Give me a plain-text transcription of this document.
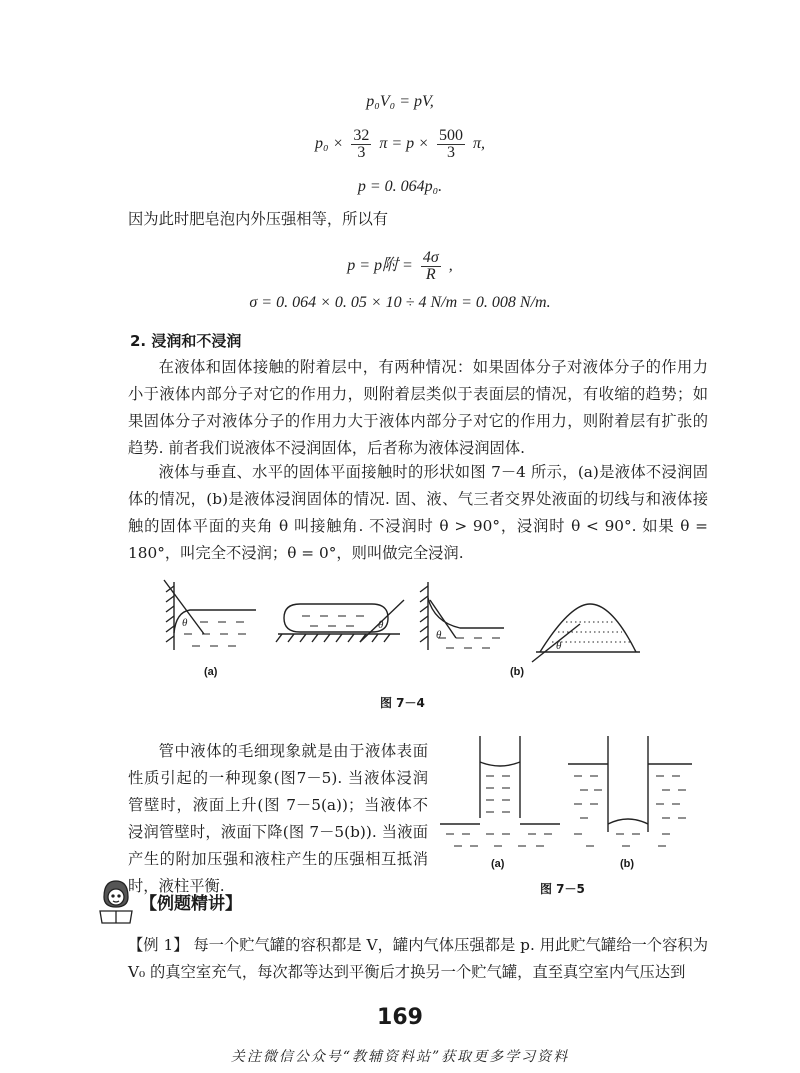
p₀V₀ = pV,
$p_0 \times \frac{32}{3}$ $\pi = p \times \frac{500}{3} \pi$,
p = 0. 064p₀.
因为此时肥皂泡内外压强相等，所以有
p = p附 = $\frac{4\sigma}{R}$ ,
σ = 0. 064 × 0. 05 × 10 ÷ 4 N/m = 0. 008 N/m.
2. 浸润和不浸润
在液体和固体接触的附着层中，有两种情况：如果固体分子对液体分子的作用力小于液体内部分子对它的作用力，则附着层类似于表面层的情况，有收缩的趋势；如果固体分子对液体分子的作用力大于液体内部分子对它的作用力，则附着层有扩张的趋势. 前者我们说液体不浸润固体，后者称为液体浸润固体.
液体与垂直、水平的固体平面接触时的形状如图 7－4 所示，(a)是液体不浸润固体的情况，(b)是液体浸润固体的情况. 固、液、气三者交界处液面的切线与和液体接触的固体平面的夹角 θ 叫接触角. 不浸润时 θ > 90°，浸润时 θ < 90°. 如果 θ = 180°，叫完全不浸润；θ = 0°，则叫做完全浸润.
θ	θ
θ
θ
(a)	(b)
图 7－4
管中液体的毛细现象就是由于液体表面性质引起的一种现象(图7－5). 当液体浸润管壁时，液面上升(图 7－5(a))；当液体不浸润管壁时，液面下降(图 7－5(b)). 当液面产生的附加压强和液柱产生的压强相互抵消时，液柱平衡.
(a)	(b)
图 7－5
【例题精讲】
【例 1】 每一个贮气罐的容积都是 V，罐内气体压强都是 p. 用此贮气罐给一个容积为 V₀ 的真空室充气，每次都等达到平衡后才换另一个贮气罐，直至真空室内气压达到
169
关注微信公众号“教辅资料站”获取更多学习资料
